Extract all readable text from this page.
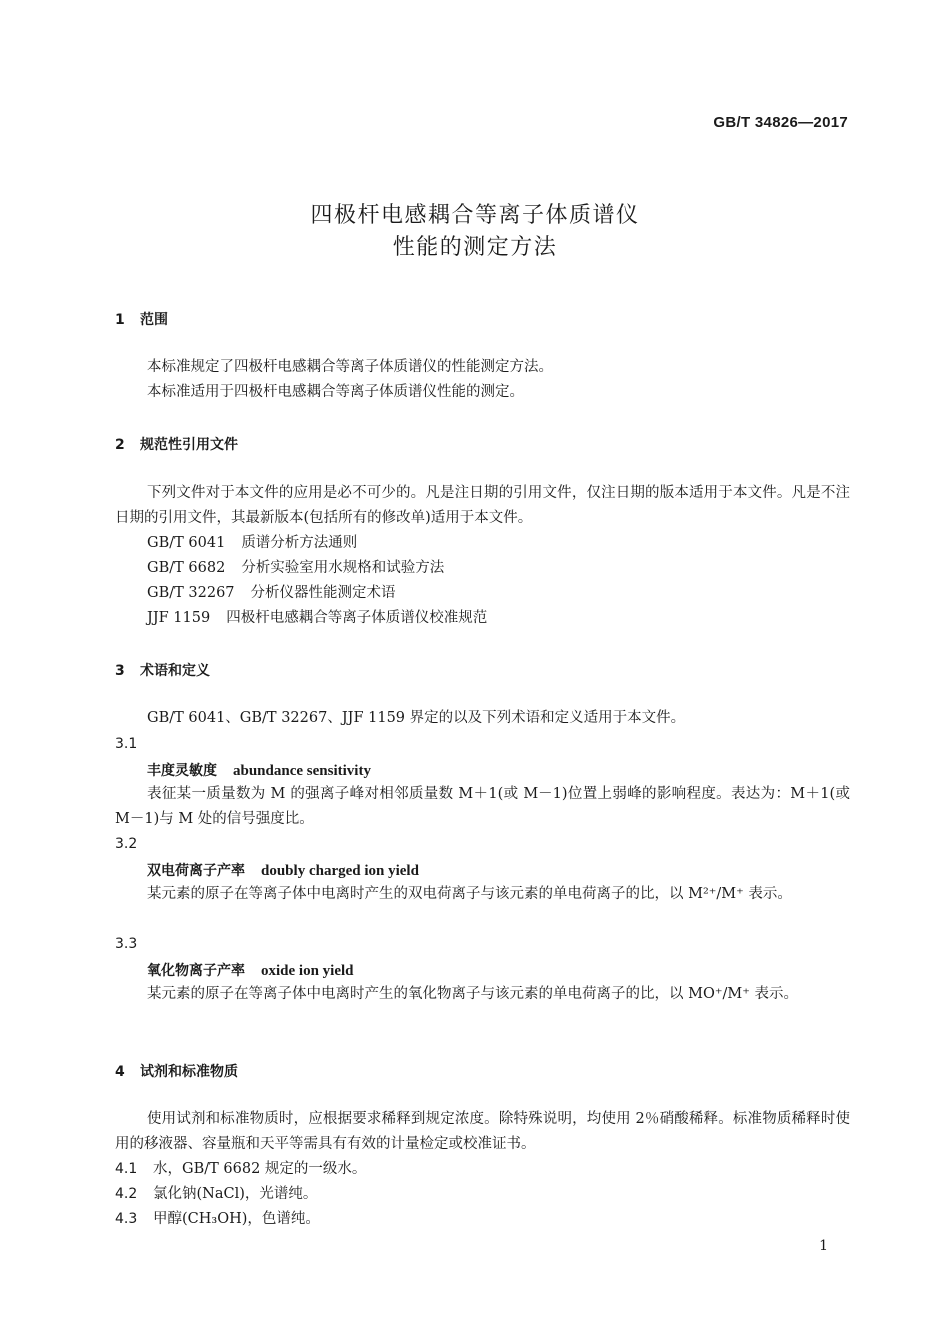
GB/T 34826—2017
四极杆电感耦合等离子体质谱仪
性能的测定方法
1 范围
本标准规定了四极杆电感耦合等离子体质谱仪的性能测定方法。
本标准适用于四极杆电感耦合等离子体质谱仪性能的测定。
2 规范性引用文件
下列文件对于本文件的应用是必不可少的。凡是注日期的引用文件，仅注日期的版本适用于本文件。凡是不注日期的引用文件，其最新版本(包括所有的修改单)适用于本文件。
GB/T 6041 质谱分析方法通则
GB/T 6682 分析实验室用水规格和试验方法
GB/T 32267 分析仪器性能测定术语
JJF 1159 四极杆电感耦合等离子体质谱仪校准规范
3 术语和定义
GB/T 6041、GB/T 32267、JJF 1159 界定的以及下列术语和定义适用于本文件。
3.1
丰度灵敏度 abundance sensitivity
表征某一质量数为 M 的强离子峰对相邻质量数 M＋1(或 M－1)位置上弱峰的影响程度。表达为：M＋1(或 M－1)与 M 处的信号强度比。
3.2
双电荷离子产率 doubly charged ion yield
某元素的原子在等离子体中电离时产生的双电荷离子与该元素的单电荷离子的比，以 M²⁺/M⁺ 表示。
3.3
氧化物离子产率 oxide ion yield
某元素的原子在等离子体中电离时产生的氧化物离子与该元素的单电荷离子的比，以 MO⁺/M⁺ 表示。
4 试剂和标准物质
使用试剂和标准物质时，应根据要求稀释到规定浓度。除特殊说明，均使用 2％硝酸稀释。标准物质稀释时使用的移液器、容量瓶和天平等需具有有效的计量检定或校准证书。
4.1 水，GB/T 6682 规定的一级水。
4.2 氯化钠(NaCl)，光谱纯。
4.3 甲醇(CH₃OH)，色谱纯。
1
